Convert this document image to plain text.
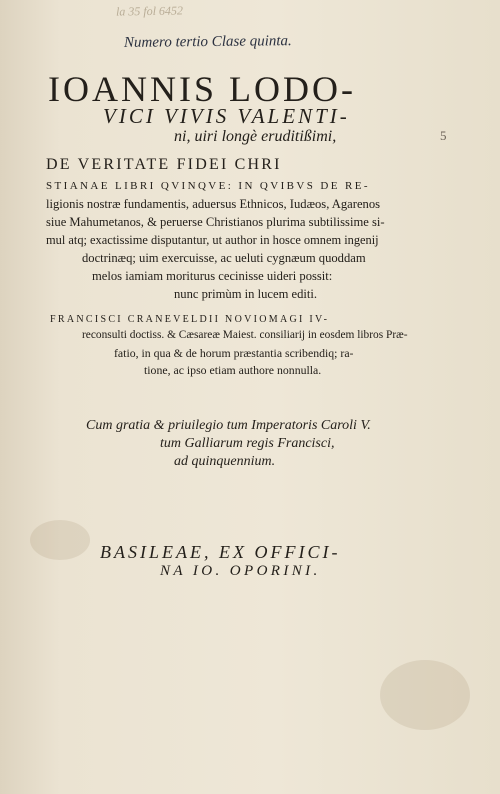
la 35 fol 6452
Numero tertio Clase quinta.
5
IOANNIS LODO-
VICI VIVIS VALENTI-
ni, uiri longè eruditißimi,
DE VERITATE FIDEI CHRI
STIANAE LIBRI QVINQVE: IN QVIBVS DE RE-
ligionis nostræ fundamentis, aduersus Ethnicos, Iudæos, Agarenos
siue Mahumetanos, & peruerse Christianos plurima subtilissime si-
mul atq; exactissime disputantur, ut author in hosce omnem ingenij
doctrinæq; uim exercuisse, ac ueluti cygnæum quoddam
melos iamiam moriturus cecinisse uideri possit:
nunc primùm in lucem editi.
FRANCISCI CRANEVELDII NOVIOMAGI IV-
reconsulti doctiss. & Cæsareæ Maiest. consiliarij in eosdem libros Præ-
fatio, in qua & de horum præstantia scribendiq; ra-
tione, ac ipso etiam authore nonnulla.
Cum gratia & priuilegio tum Imperatoris Caroli V.
tum Galliarum regis Francisci,
ad quinquennium.
BASILEAE, EX OFFICI-
NA IO. OPORINI.
